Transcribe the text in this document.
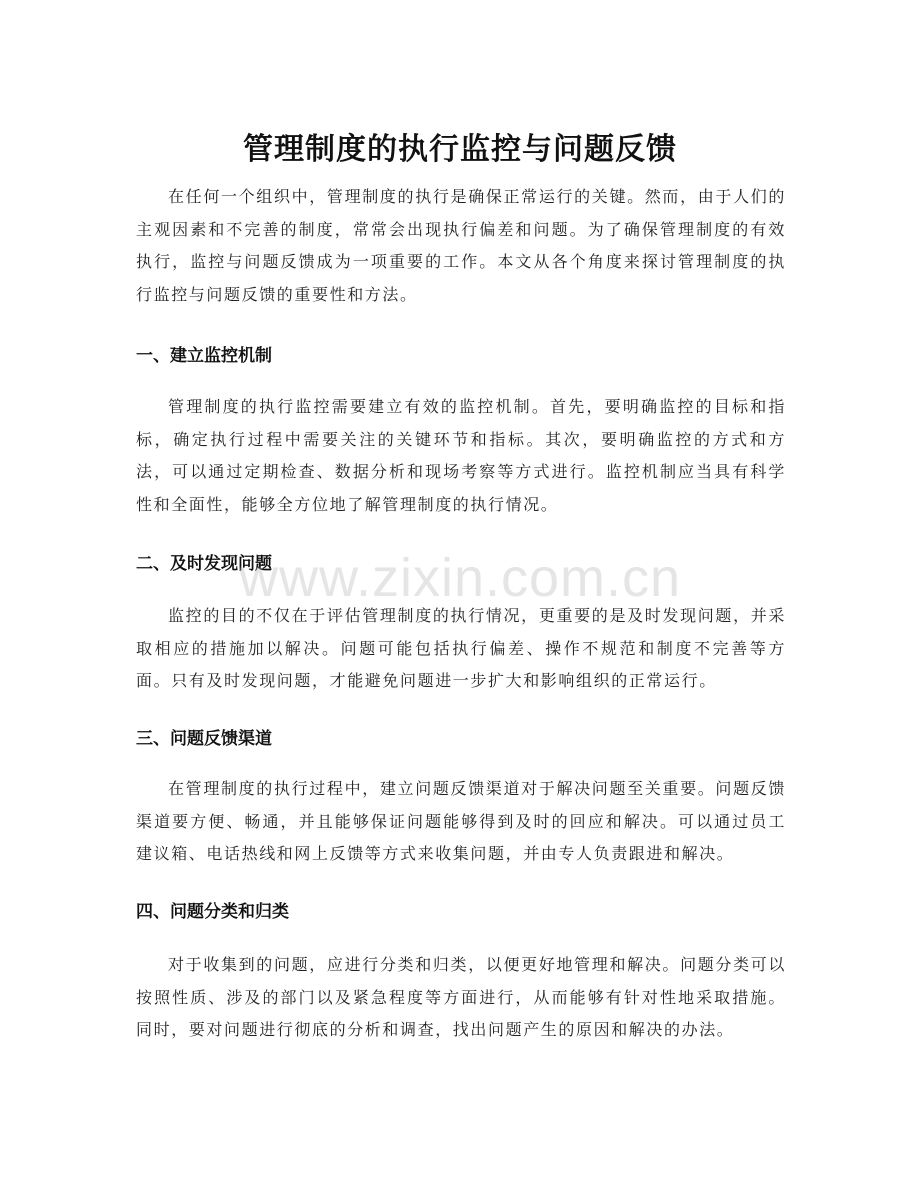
管理制度的执行监控与问题反馈

在任何一个组织中，管理制度的执行是确保正常运行的关键。然而，由于人们的主观因素和不完善的制度，常常会出现执行偏差和问题。为了确保管理制度的有效执行，监控与问题反馈成为一项重要的工作。本文从各个角度来探讨管理制度的执行监控与问题反馈的重要性和方法。

一、建立监控机制

管理制度的执行监控需要建立有效的监控机制。首先，要明确监控的目标和指标，确定执行过程中需要关注的关键环节和指标。其次，要明确监控的方式和方法，可以通过定期检查、数据分析和现场考察等方式进行。监控机制应当具有科学性和全面性，能够全方位地了解管理制度的执行情况。

二、及时发现问题

监控的目的不仅在于评估管理制度的执行情况，更重要的是及时发现问题，并采取相应的措施加以解决。问题可能包括执行偏差、操作不规范和制度不完善等方面。只有及时发现问题，才能避免问题进一步扩大和影响组织的正常运行。

三、问题反馈渠道

在管理制度的执行过程中，建立问题反馈渠道对于解决问题至关重要。问题反馈渠道要方便、畅通，并且能够保证问题能够得到及时的回应和解决。可以通过员工建议箱、电话热线和网上反馈等方式来收集问题，并由专人负责跟进和解决。

四、问题分类和归类

对于收集到的问题，应进行分类和归类，以便更好地管理和解决。问题分类可以按照性质、涉及的部门以及紧急程度等方面进行，从而能够有针对性地采取措施。同时，要对问题进行彻底的分析和调查，找出问题产生的原因和解决的办法。

www.zixin.com.cn
